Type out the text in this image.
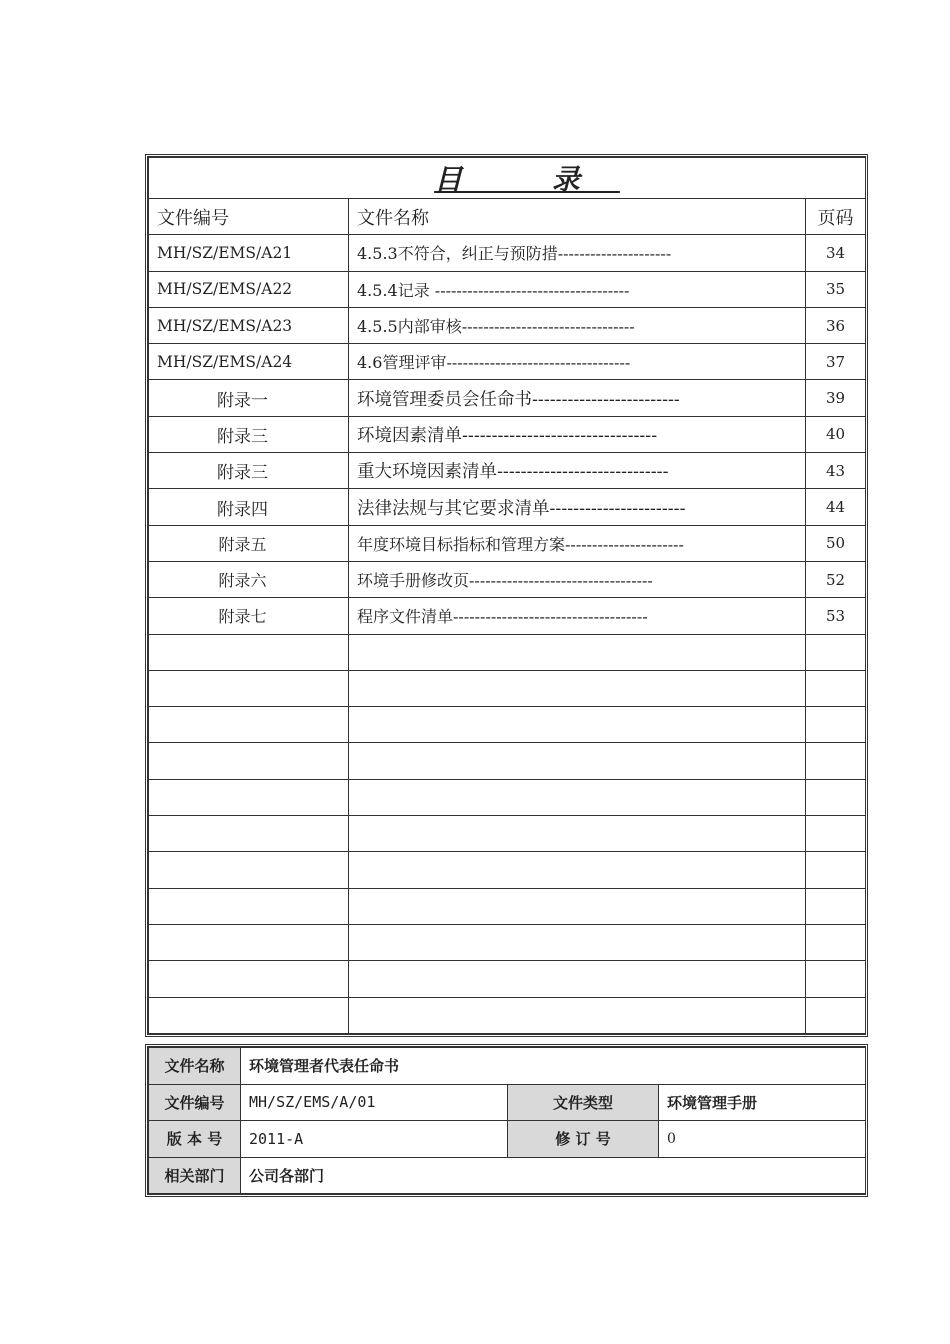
目 录		
文件编号	文件名称	页码
MH/SZ/EMS/A21	4.5.3不符合，纠正与预防措---------------------	34
MH/SZ/EMS/A22	4.5.4记录 ------------------------------------	35
MH/SZ/EMS/A23	4.5.5内部审核--------------------------------	36
MH/SZ/EMS/A24	4.6管理评审----------------------------------	37
附录一	环境管理委员会任命书-------------------------	39
附录三	环境因素清单---------------------------------	40
附录三	重大环境因素清单-----------------------------	43
附录四	法律法规与其它要求清单-----------------------	44
附录五	年度环境目标指标和管理方案----------------------	50
附录六	环境手册修改页----------------------------------	52
附录七	程序文件清单------------------------------------	53

文件名称	环境管理者代表任命书		
文件编号	MH/SZ/EMS/A/01	文件类型	环境管理手册
版 本 号	2011-A	修 订 号	0
相关部门	公司各部门		
